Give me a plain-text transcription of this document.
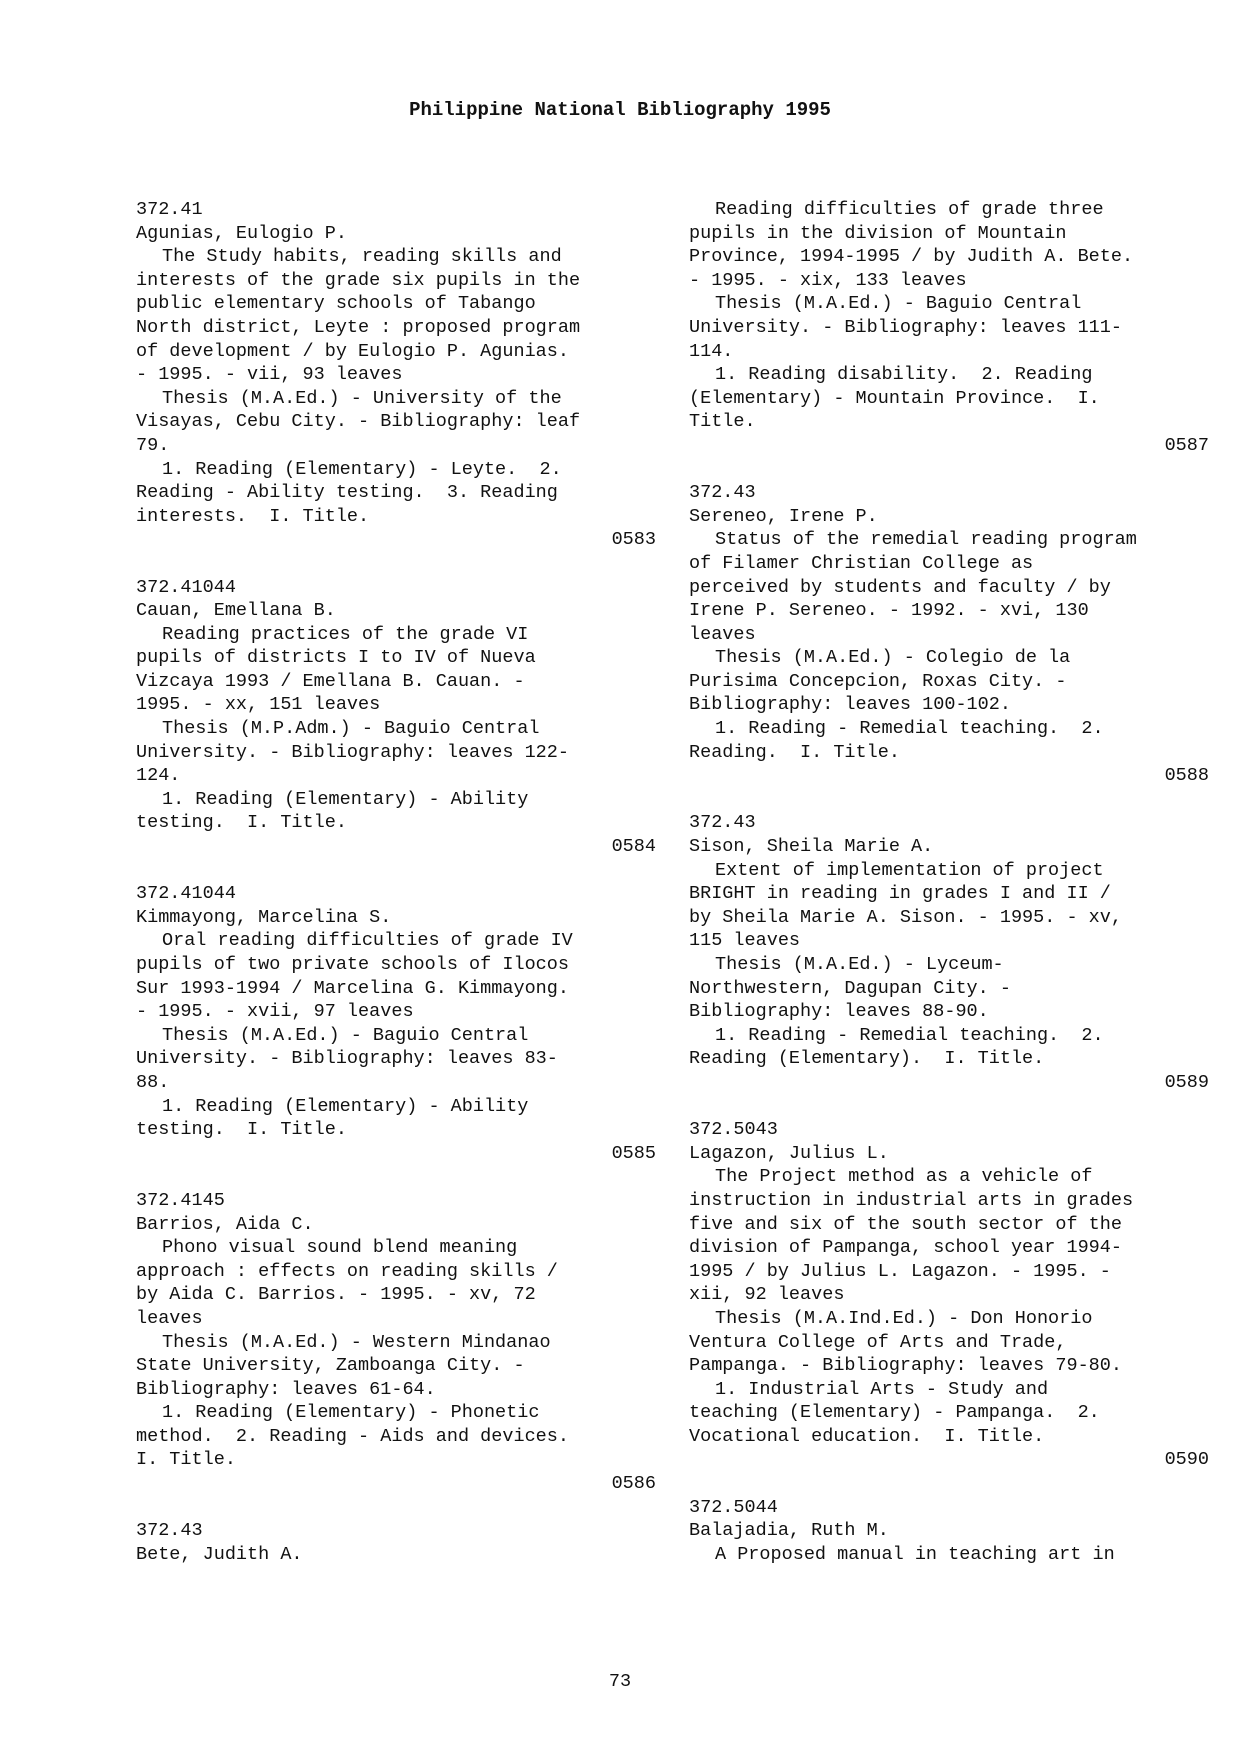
Philippine National Bibliography 1995
372.41
Agunias, Eulogio P.
The Study habits, reading skills and
interests of the grade six pupils in the
public elementary schools of Tabango
North district, Leyte : proposed program
of development / by Eulogio P. Agunias.
- 1995. - vii, 93 leaves
Thesis (M.A.Ed.) - University of the
Visayas, Cebu City. - Bibliography: leaf
79.
1. Reading (Elementary) - Leyte.  2.
Reading - Ability testing.  3. Reading
interests.  I. Title.
0583
372.41044
Cauan, Emellana B.
Reading practices of the grade VI
pupils of districts I to IV of Nueva
Vizcaya 1993 / Emellana B. Cauan. -
1995. - xx, 151 leaves
Thesis (M.P.Adm.) - Baguio Central
University. - Bibliography: leaves 122-
124.
1. Reading (Elementary) - Ability
testing.  I. Title.
0584
372.41044
Kimmayong, Marcelina S.
Oral reading difficulties of grade IV
pupils of two private schools of Ilocos
Sur 1993-1994 / Marcelina G. Kimmayong.
- 1995. - xvii, 97 leaves
Thesis (M.A.Ed.) - Baguio Central
University. - Bibliography: leaves 83-
88.
1. Reading (Elementary) - Ability
testing.  I. Title.
0585
372.4145
Barrios, Aida C.
Phono visual sound blend meaning
approach : effects on reading skills /
by Aida C. Barrios. - 1995. - xv, 72
leaves
Thesis (M.A.Ed.) - Western Mindanao
State University, Zamboanga City. -
Bibliography: leaves 61-64.
1. Reading (Elementary) - Phonetic
method.  2. Reading - Aids and devices.
I. Title.
0586
372.43
Bete, Judith A.
Reading difficulties of grade three
pupils in the division of Mountain
Province, 1994-1995 / by Judith A. Bete.
- 1995. - xix, 133 leaves
Thesis (M.A.Ed.) - Baguio Central
University. - Bibliography: leaves 111-
114.
1. Reading disability.  2. Reading
(Elementary) - Mountain Province.  I.
Title.
0587
372.43
Sereneo, Irene P.
Status of the remedial reading program
of Filamer Christian College as
perceived by students and faculty / by
Irene P. Sereneo. - 1992. - xvi, 130
leaves
Thesis (M.A.Ed.) - Colegio de la
Purisima Concepcion, Roxas City. -
Bibliography: leaves 100-102.
1. Reading - Remedial teaching.  2.
Reading.  I. Title.
0588
372.43
Sison, Sheila Marie A.
Extent of implementation of project
BRIGHT in reading in grades I and II /
by Sheila Marie A. Sison. - 1995. - xv,
115 leaves
Thesis (M.A.Ed.) - Lyceum-
Northwestern, Dagupan City. -
Bibliography: leaves 88-90.
1. Reading - Remedial teaching.  2.
Reading (Elementary).  I. Title.
0589
372.5043
Lagazon, Julius L.
The Project method as a vehicle of
instruction in industrial arts in grades
five and six of the south sector of the
division of Pampanga, school year 1994-
1995 / by Julius L. Lagazon. - 1995. -
xii, 92 leaves
Thesis (M.A.Ind.Ed.) - Don Honorio
Ventura College of Arts and Trade,
Pampanga. - Bibliography: leaves 79-80.
1. Industrial Arts - Study and
teaching (Elementary) - Pampanga.  2.
Vocational education.  I. Title.
0590
372.5044
Balajadia, Ruth M.
A Proposed manual in teaching art in
73
